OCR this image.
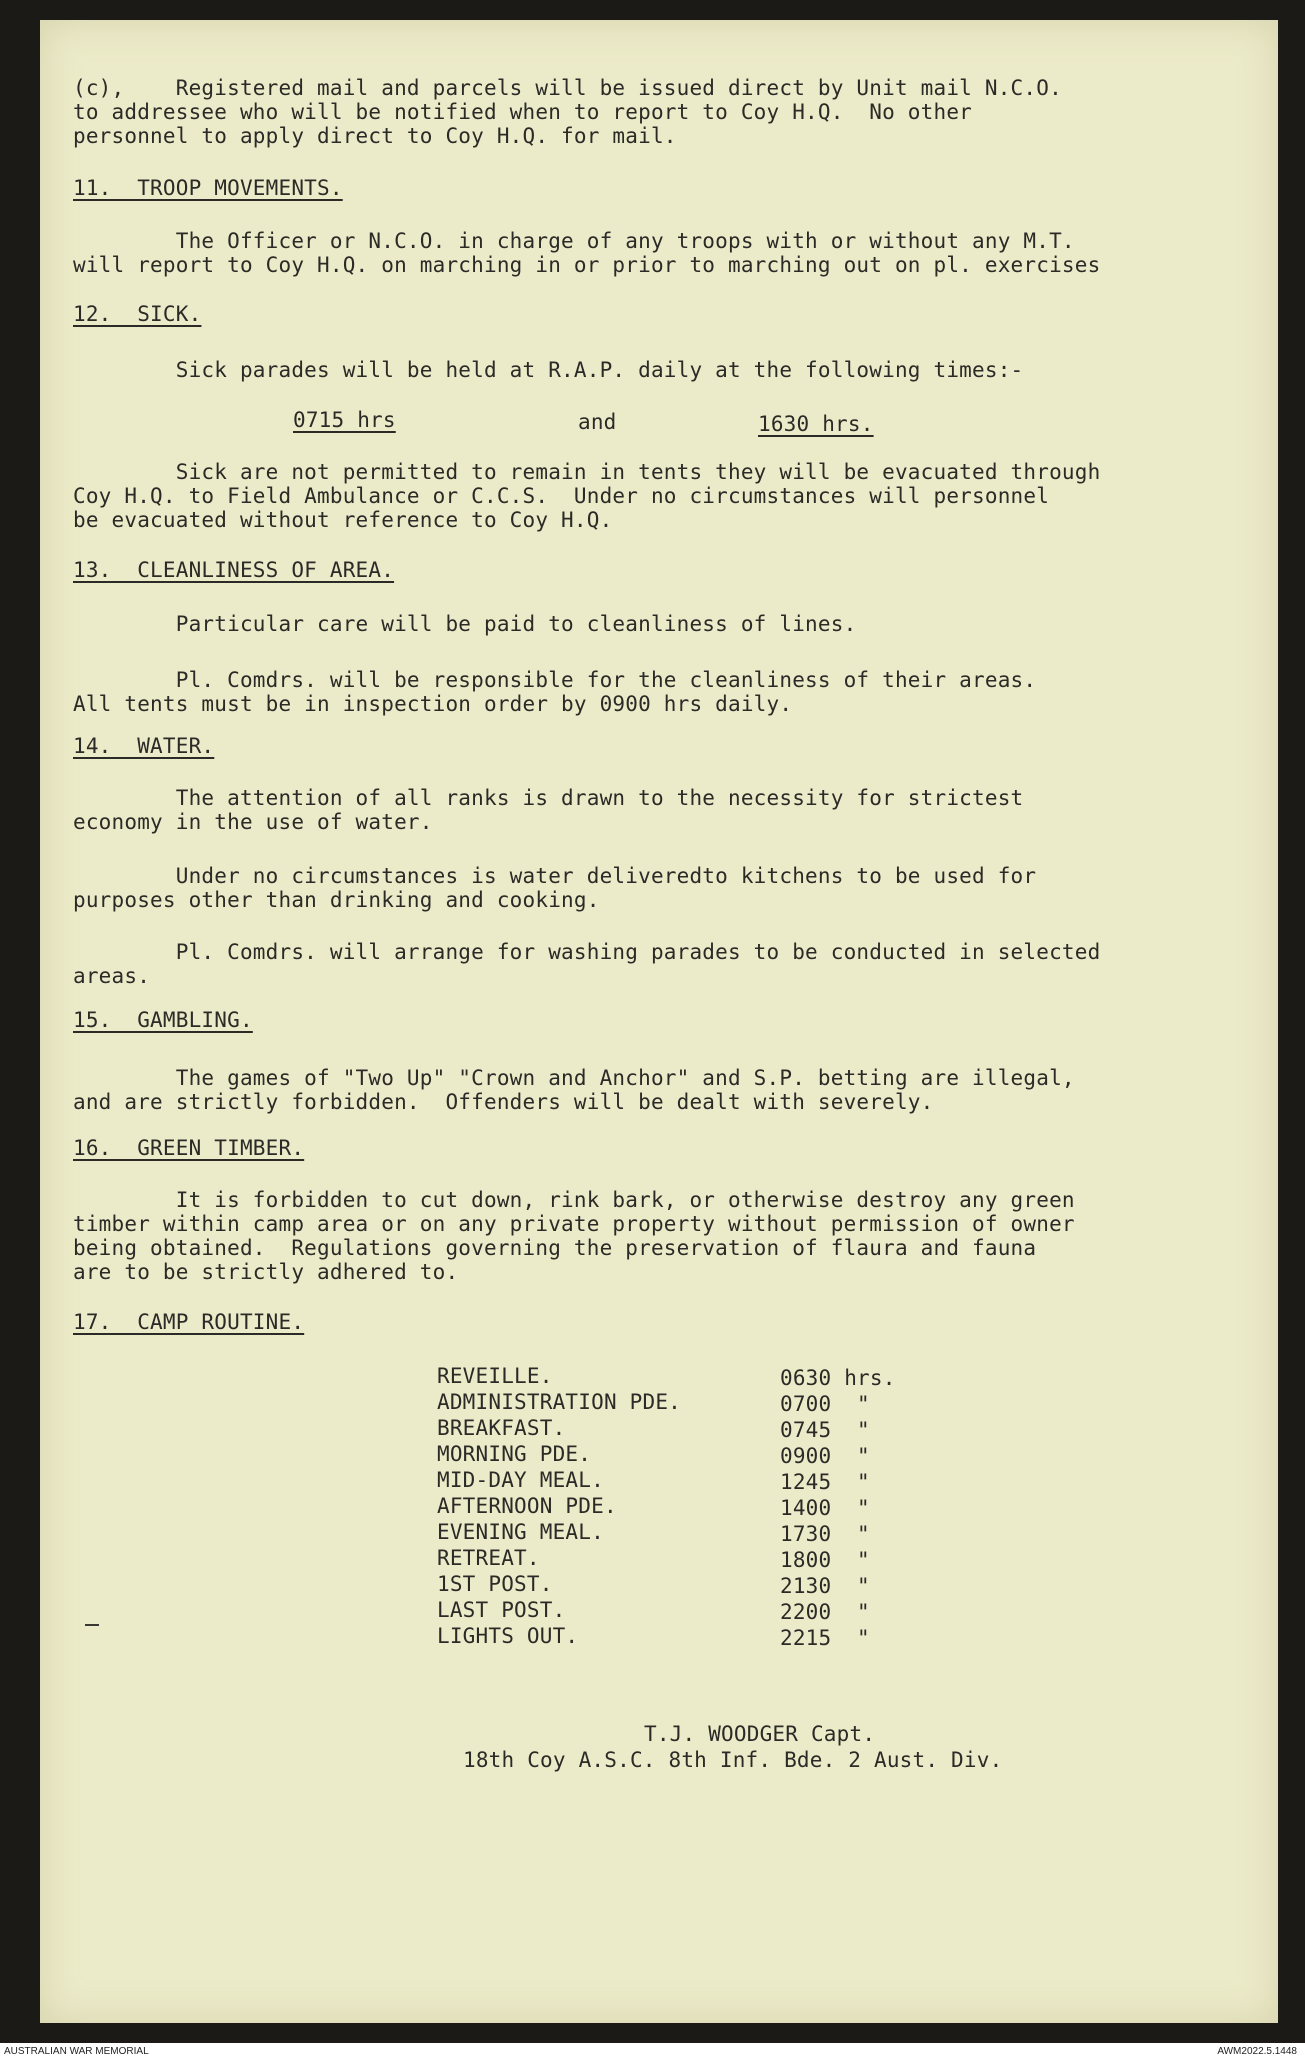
(c),    Registered mail and parcels will be issued direct by Unit mail N.C.O.
to addressee who will be notified when to report to Coy H.Q.  No other
personnel to apply direct to Coy H.Q. for mail.
11.  TROOP MOVEMENTS.
The Officer or N.C.O. in charge of any troops with or without any M.T.
will report to Coy H.Q. on marching in or prior to marching out on pl. exercises
12.  SICK.
Sick parades will be held at R.A.P. daily at the following times:-
0715 hrs	and	1630 hrs.
Sick are not permitted to remain in tents they will be evacuated through
Coy H.Q. to Field Ambulance or C.C.S.  Under no circumstances will personnel
be evacuated without reference to Coy H.Q.
13.  CLEANLINESS OF AREA.
Particular care will be paid to cleanliness of lines.
Pl. Comdrs. will be responsible for the cleanliness of their areas.
All tents must be in inspection order by 0900 hrs daily.
14.  WATER.
The attention of all ranks is drawn to the necessity for strictest
economy in the use of water.
Under no circumstances is water deliveredto kitchens to be used for
purposes other than drinking and cooking.
Pl. Comdrs. will arrange for washing parades to be conducted in selected
areas.
15.  GAMBLING.
The games of "Two Up" "Crown and Anchor" and S.P. betting are illegal,
and are strictly forbidden.  Offenders will be dealt with severely.
16.  GREEN TIMBER.
It is forbidden to cut down, rink bark, or otherwise destroy any green
timber within camp area or on any private property without permission of owner
being obtained.  Regulations governing the preservation of flaura and fauna
are to be strictly adhered to.
17.  CAMP ROUTINE.
REVEILLE.	0630 hrs.
ADMINISTRATION PDE.	0700  "
BREAKFAST.	0745  "
MORNING PDE.	0900  "
MID-DAY MEAL.	1245  "
AFTERNOON PDE.	1400  "
EVENING MEAL.	1730  "
RETREAT.	1800  "
1ST POST.	2130  "
LAST POST.	2200  "
LIGHTS OUT.	2215  "
T.J. WOODGER Capt.
18th Coy A.S.C. 8th Inf. Bde. 2 Aust. Div.
AUSTRALIAN WAR MEMORIAL	AWM2022.5.1448
